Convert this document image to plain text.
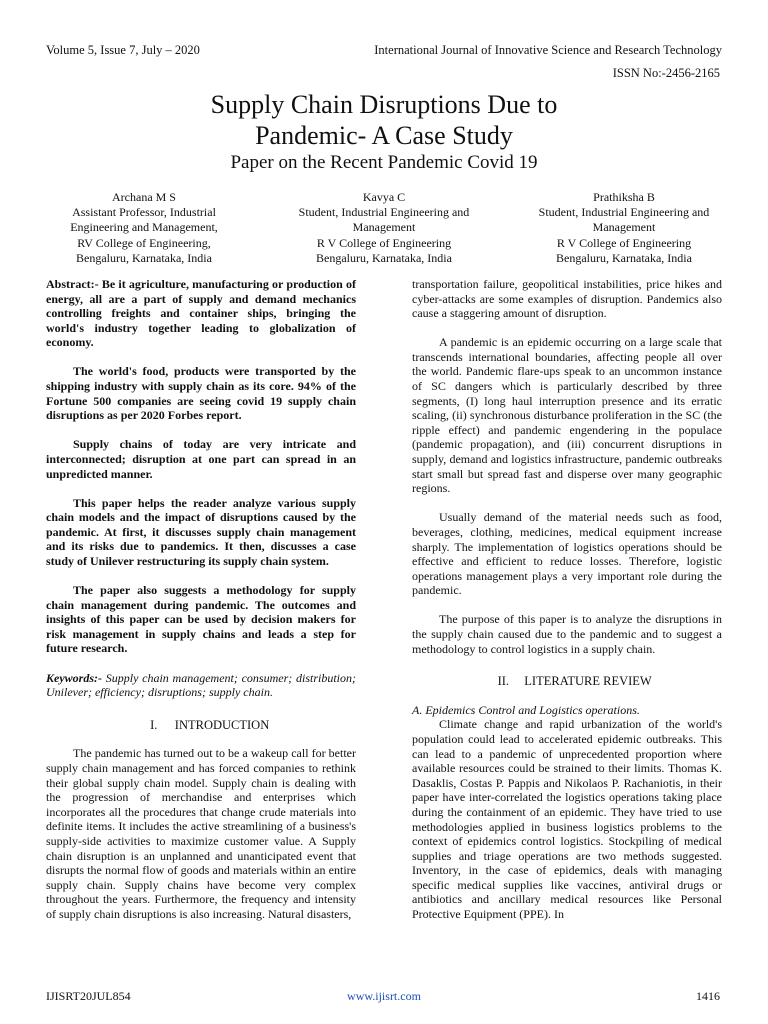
Volume 5, Issue 7, July – 2020	International Journal of Innovative Science and Research Technology
ISSN No:-2456-2165
Supply Chain Disruptions Due to
Pandemic- A Case Study
Paper on the Recent Pandemic Covid 19
Archana M S
Assistant Professor, Industrial
Engineering and Management,
RV College of Engineering,
Bengaluru, Karnataka, India
Kavya C
Student, Industrial Engineering and
Management
R V College of Engineering
Bengaluru, Karnataka, India
Prathiksha B
Student, Industrial Engineering and
Management
R V College of Engineering
Bengaluru, Karnataka, India

Abstract:- Be it agriculture, manufacturing or production of energy, all are a part of supply and demand mechanics controlling freights and container ships, bringing the world's industry together leading to globalization of economy.

The world's food, products were transported by the shipping industry with supply chain as its core. 94% of the Fortune 500 companies are seeing covid 19 supply chain disruptions as per 2020 Forbes report.

Supply chains of today are very intricate and interconnected; disruption at one part can spread in an unpredicted manner.

This paper helps the reader analyze various supply chain models and the impact of disruptions caused by the pandemic. At first, it discusses supply chain management and its risks due to pandemics. It then, discusses a case study of Unilever restructuring its supply chain system.

The paper also suggests a methodology for supply chain management during pandemic. The outcomes and insights of this paper can be used by decision makers for risk management in supply chains and leads a step for future research.

Keywords:- Supply chain management; consumer; distribution; Unilever; efficiency; disruptions; supply chain.

I. INTRODUCTION

The pandemic has turned out to be a wakeup call for better supply chain management and has forced companies to rethink their global supply chain model. Supply chain is dealing with the progression of merchandise and enterprises which incorporates all the procedures that change crude materials into definite items. It includes the active streamlining of a business's supply-side activities to maximize customer value. A Supply chain disruption is an unplanned and unanticipated event that disrupts the normal flow of goods and materials within an entire supply chain. Supply chains have become very complex throughout the years. Furthermore, the frequency and intensity of supply chain disruptions is also increasing. Natural disasters,

transportation failure, geopolitical instabilities, price hikes and cyber-attacks are some examples of disruption. Pandemics also cause a staggering amount of disruption.

A pandemic is an epidemic occurring on a large scale that transcends international boundaries, affecting people all over the world. Pandemic flare-ups speak to an uncommon instance of SC dangers which is particularly described by three segments, (I) long haul interruption presence and its erratic scaling, (ii) synchronous disturbance proliferation in the SC (the ripple effect) and pandemic engendering in the populace (pandemic propagation), and (iii) concurrent disruptions in supply, demand and logistics infrastructure, pandemic outbreaks start small but spread fast and disperse over many geographic regions.

Usually demand of the material needs such as food, beverages, clothing, medicines, medical equipment increase sharply. The implementation of logistics operations should be effective and efficient to reduce losses. Therefore, logistic operations management plays a very important role during the pandemic.

The purpose of this paper is to analyze the disruptions in the supply chain caused due to the pandemic and to suggest a methodology to control logistics in a supply chain.

II. LITERATURE REVIEW

A. Epidemics Control and Logistics operations.

Climate change and rapid urbanization of the world's population could lead to accelerated epidemic outbreaks. This can lead to a pandemic of unprecedented proportion where available resources could be strained to their limits. Thomas K. Dasaklis, Costas P. Pappis and Nikolaos P. Rachaniotis, in their paper have inter-correlated the logistics operations taking place during the containment of an epidemic. They have tried to use methodologies applied in business logistics problems to the context of epidemics control logistics. Stockpiling of medical supplies and triage operations are two methods suggested. Inventory, in the case of epidemics, deals with managing specific medical supplies like vaccines, antiviral drugs or antibiotics and ancillary medical resources like Personal Protective Equipment (PPE). In

IJISRT20JUL854	www.ijisrt.com	1416
